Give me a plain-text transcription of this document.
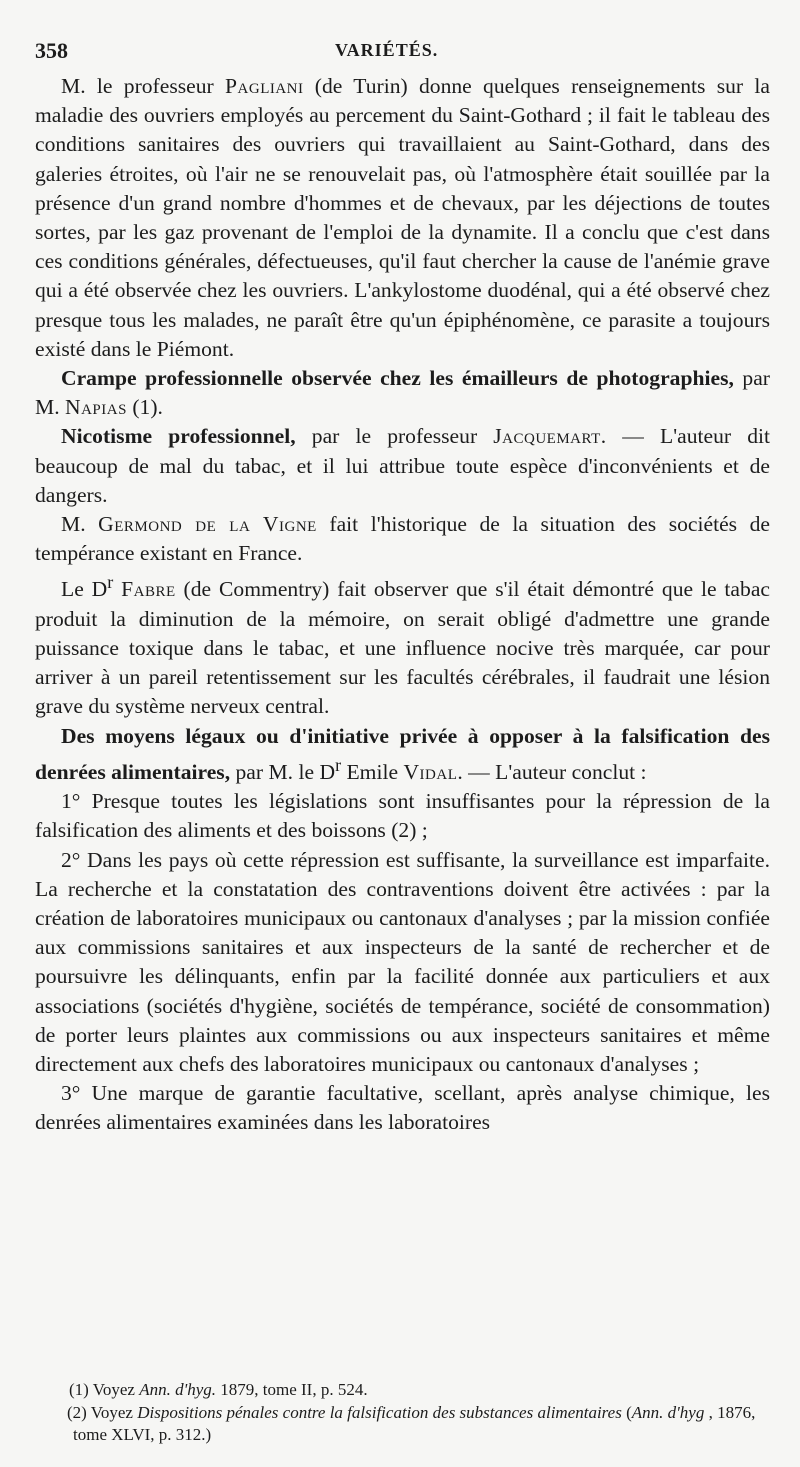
358	VARIÉTÉS.

M. le professeur Pagliani (de Turin) donne quelques renseignements sur la maladie des ouvriers employés au percement du Saint-Gothard ; il fait le tableau des conditions sanitaires des ouvriers qui travaillaient au Saint-Gothard, dans des galeries étroites, où l'air ne se renouvelait pas, où l'atmosphère était souillée par la présence d'un grand nombre d'hommes et de chevaux, par les déjections de toutes sortes, par les gaz provenant de l'emploi de la dynamite. Il a conclu que c'est dans ces conditions générales, défectueuses, qu'il faut chercher la cause de l'anémie grave qui a été observée chez les ouvriers. L'ankylostome duodénal, qui a été observé chez presque tous les malades, ne paraît être qu'un épiphénomène, ce parasite a toujours existé dans le Piémont.

Crampe professionnelle observée chez les émailleurs de photographies, par M. Napias (1).

Nicotisme professionnel, par le professeur Jacquemart. — L'auteur dit beaucoup de mal du tabac, et il lui attribue toute espèce d'inconvénients et de dangers.

M. Germond de la Vigne fait l'historique de la situation des sociétés de tempérance existant en France.

Le $D^r$ Fabre (de Commentry) fait observer que s'il était démontré que le tabac produit la diminution de la mémoire, on serait obligé d'admettre une grande puissance toxique dans le tabac, et une influence nocive très marquée, car pour arriver à un pareil retentissement sur les facultés cérébrales, il faudrait une lésion grave du système nerveux central.

Des moyens légaux ou d'initiative privée à opposer à la falsification des denrées alimentaires, par M. le $D^r$ Emile Vidal. — L'auteur conclut :

1° Presque toutes les législations sont insuffisantes pour la répression de la falsification des aliments et des boissons (2) ;

2° Dans les pays où cette répression est suffisante, la surveillance est imparfaite. La recherche et la constatation des contraventions doivent être activées : par la création de laboratoires municipaux ou cantonaux d'analyses ; par la mission confiée aux commissions sanitaires et aux inspecteurs de la santé de rechercher et de poursuivre les délinquants, enfin par la facilité donnée aux particuliers et aux associations (sociétés d'hygiène, sociétés de tempérance, société de consommation) de porter leurs plaintes aux commissions ou aux inspecteurs sanitaires et même directement aux chefs des laboratoires municipaux ou cantonaux d'analyses ;

3° Une marque de garantie facultative, scellant, après analyse chimique, les denrées alimentaires examinées dans les laboratoires

(1) Voyez Ann. d'hyg. 1879, tome II, p. 524.

(2) Voyez Dispositions pénales contre la falsification des substances alimentaires (Ann. d'hyg , 1876, tome XLVI, p. 312.)
